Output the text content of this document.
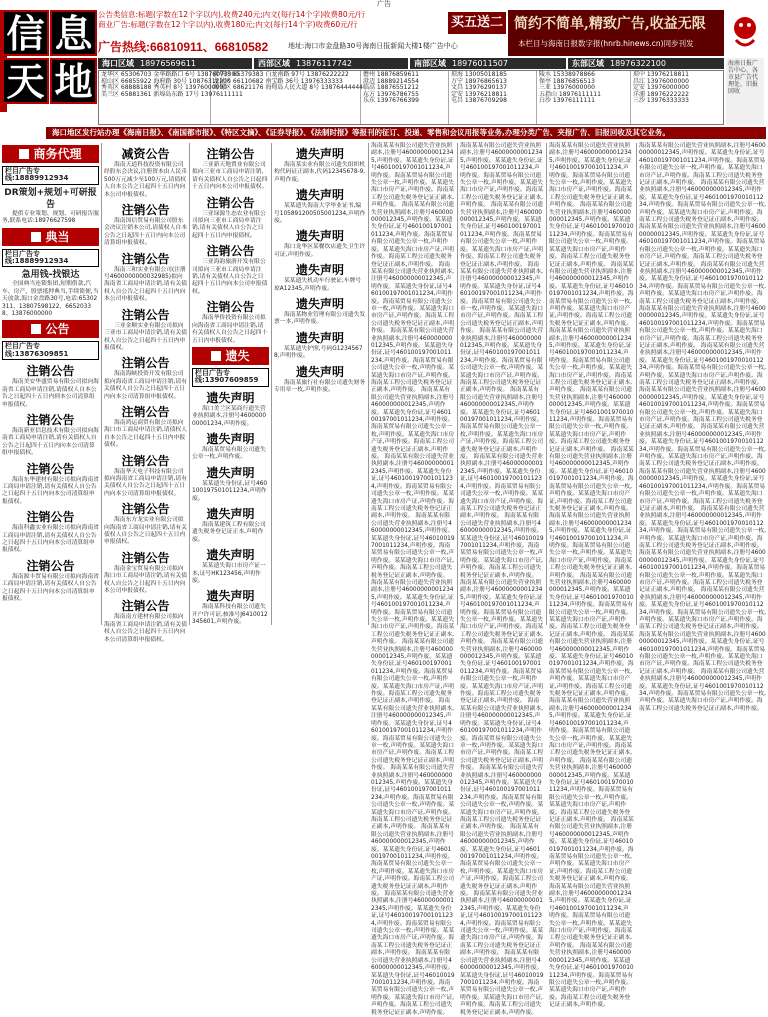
广告
信 息
天 地
公告类信息:标题(字数在12个字以内),收费240元;内文(每行14个字)收费80元/行
商业广告:标题(字数在12个字以内),收费180元;内文(每行14个字)收费60元/行
广告热线:66810911、66810582	地址:海口市金盘路30号海南日报新闻大楼1楼广告中心
买五送二 简约不简单,精致广告,收益无限
本栏目与海南日报数字报(hnrb.hinews.cn)同步刊发
海口区域 18976569611	西部区域 13876117742	南部区域 18976011507	东部区域 18976322100
龙华区 65306703 金华路路口 6号 13876073300
琼山区 66855922 海府路 30号 10876312200
秀英区 68888188 秀英村 8号 13976000000
美兰区 65881361 新埠岛东路 17号 13976111111
新华区 65379383 白龙南路 97号 13876222222
龙昆区 66110682 南宝路 36号 13976333333
海甸区 68621176 海甸岛人民大道 8号 13876444444
儋州 18876859611
澄迈 18889214554
临高 18876551212
东方 13976786755
乐东 13976766399
琼海 13005018185
万宁 18976865613
文昌 13976290137
定安 13976218811
屯昌 13876709298
陵水 15338978866
保亭 18876856513
三亚 13976000000
五指山 18976111111
白沙 13976111111
琼中 13976218811
昌江 13976000000
定安 13976000000
洋浦 18976222222
三沙 13976333333
海南日报广告中心、各市县广告代理处、旧报回收
海口地区发行站办理《海南日报》、《南国都市报》、《特区文摘》、《证券导报》、《法制时报》等报刊的征订、投递、零售和会议用报等业务,办理分类广告、夹报广告、旧报回收及其它业务。
商务代理
栏目广告专线:18889912934
DR策划+规划+可研报告
提供专业策划、规划、可研报告服务,联系电话:18976627598
典当
栏目广告专线:18889912934
急用钱-找银达
全国典当连锁集团,短期借款,汽车、房产、股票抵押典当,手续简便,当天放款,海口金盘路30号,电话:65302311、13807598122、66520338、13876000000
公告
栏目广告专线:13876309851
注销公告
海南美安华盛贸易有限公司拟向海南省工商局申请注销,请债权人自本公告之日起四十五日内到本公司清算组申报债权。
注销公告
海南新亚信息技术有限公司拟向海南省工商局申请注销,请有关债权人自公告之日起四十五日内向本公司清算组申报债权。
注销公告
海南东华建材有限公司拟向海南省工商局申请注销,请有关债权人自公告之日起四十五日内向本公司清算组申报债权。
注销公告
海南科鑫实业有限公司拟向海南省工商局申请注销,请有关债权人自公告之日起四十五日内向本公司清算组申报债权。
注销公告
海南源丰贸易有限公司拟向海南省工商局申请注销,请有关债权人自公告之日起四十五日内向本公司清算组申报债权。
减资公告
海南天道科技投资有限公司经股东会决议,注册资本由人民币500万元减少至100万元,请债权人自本公告之日起四十五日内向本公司申报债权。
注销公告
海南国信贸易有限公司股东会决议注销本公司,请债权人自本公告之日起四十五日内向本公司清算组申报债权。
注销公告
海南三和实业有限公司(注册号4600000000032985)拟向海南省工商局申请注销,请有关债权人自公告之日起四十五日内向本公司申报债权。
注销公告
三亚金顺实业有限公司拟向三亚市工商局申请注销,请有关债权人自公告之日起四十五日内申报债权。
注销公告
海南海峡投资开发有限公司拟向海南省工商局申请注销,请有关债权人自公告之日起四十五日内向本公司清算组申报债权。
注销公告
海南鸿运商贸有限公司拟向海口市工商局申请注销,请债权人自本公告之日起四十五日内申报债权。
注销公告
海南华天电子科技有限公司拟向海南省工商局申请注销,请有关债权人自公告之日起四十五日内向本公司清算组申报债权。
注销公告
海南东方龙实业有限公司拟向海南省工商局申请注销,请有关债权人自公告之日起四十五日内申报债权。
注销公告
海南金宝贸易有限公司拟向海口市工商局申请注销,请有关债权人自公告之日起四十五日内向本公司申报债权。
注销公告
海南南方建材有限公司拟向海南省工商局申请注销,请有关债权人自公告之日起四十五日内向本公司清算组申报债权。
注销公告
三亚新天地置业有限公司拟向三亚市工商局申请注销,请有关债权人自公告之日起四十五日内向本公司申报债权。
注销公告
三亚绿源生态农业有限公司拟向三亚市工商局申请注销,请有关债权人自公告之日起四十五日内申报债权。
注销公告
三亚海韵旅游开发有限公司拟向三亚市工商局申请注销,请有关债权人自公告之日起四十五日内向本公司申报债权。
注销公告
海南华侨投资有限公司拟向海南省工商局申请注销,请有关债权人自公告之日起四十五日内申报债权。
遗失
栏目广告专线:13907609859
遗失声明
海口美兰区某商行遗失营业执照副本,注册号460000000001234,声明作废。
遗失声明
海南某贸易有限公司遗失公章一枚,声明作废。
遗失声明
某某遗失身份证,证号460100197501011234,声明作废。
遗失声明
海南某建筑工程有限公司遗失税务登记证正本,声明作废。
遗失声明
某某遗失海口市房产证一本,证号HK123456,声明作废。
遗失声明
海南某科技有限公司遗失开户许可证,核准号J6410012345601,声明作废。
遗失声明
海南某实业有限公司遗失组织机构代码证正副本,代码12345678-9,声明作废。
遗失声明
某某遗失海南大学毕业证书,编号105891200505001234,声明作废。
遗失声明
海口龙华区某餐饮店遗失卫生许可证,声明作废。
遗失声明
某某遗失机动车行驶证,车牌号琼A12345,声明作废。
遗失声明
海南某物业管理有限公司遗失发票一本,声明作废。
遗失声明
某某遗失护照,号码G12345678,声明作废。
遗失声明
海南某旅行社有限公司遗失财务专用章一枚,声明作废。
海南某某有限公司遗失营业执照副本,注册号460000000012345,声明作废。某某遗失身份证,证号460100197001011234,声明作废。海南某贸易有限公司遗失公章一枚,声明作废。某某遗失海口市房产证,声明作废。海南某工程公司遗失税务登记证正副本,声明作废。 海南某某有限公司遗失营业执照副本,注册号460000000012345,声明作废。某某遗失身份证,证号460100197001011234,声明作废。海南某贸易有限公司遗失公章一枚,声明作废。某某遗失海口市房产证,声明作废。海南某工程公司遗失税务登记证正副本,声明作废。 海南某某有限公司遗失营业执照副本,注册号460000000012345,声明作废。某某遗失身份证,证号460100197001011234,声明作废。海南某贸易有限公司遗失公章一枚,声明作废。某某遗失海口市房产证,声明作废。海南某工程公司遗失税务登记证正副本,声明作废。 海南某某有限公司遗失营业执照副本,注册号460000000012345,声明作废。某某遗失身份证,证号460100197001011234,声明作废。海南某贸易有限公司遗失公章一枚,声明作废。某某遗失海口市房产证,声明作废。海南某工程公司遗失税务登记证正副本,声明作废。 海南某某有限公司遗失营业执照副本,注册号460000000012345,声明作废。某某遗失身份证,证号460100197001011234,声明作废。海南某贸易有限公司遗失公章一枚,声明作废。某某遗失海口市房产证,声明作废。海南某工程公司遗失税务登记证正副本,声明作废。 海南某某有限公司遗失营业执照副本,注册号460000000012345,声明作废。某某遗失身份证,证号460100197001011234,声明作废。海南某贸易有限公司遗失公章一枚,声明作废。某某遗失海口市房产证,声明作废。海南某工程公司遗失税务登记证正副本,声明作废。 海南某某有限公司遗失营业执照副本,注册号460000000012345,声明作废。某某遗失身份证,证号460100197001011234,声明作废。海南某贸易有限公司遗失公章一枚,声明作废。某某遗失海口市房产证,声明作废。海南某工程公司遗失税务登记证正副本,声明作废。 海南某某有限公司遗失营业执照副本,注册号460000000012345,声明作废。某某遗失身份证,证号460100197001011234,声明作废。海南某贸易有限公司遗失公章一枚,声明作废。某某遗失海口市房产证,声明作废。海南某工程公司遗失税务登记证正副本,声明作废。 海南某某有限公司遗失营业执照副本,注册号460000000012345,声明作废。某某遗失身份证,证号460100197001011234,声明作废。海南某贸易有限公司遗失公章一枚,声明作废。某某遗失海口市房产证,声明作废。海南某工程公司遗失税务登记证正副本,声明作废。 海南某某有限公司遗失营业执照副本,注册号460000000012345,声明作废。某某遗失身份证,证号460100197001011234,声明作废。海南某贸易有限公司遗失公章一枚,声明作废。某某遗失海口市房产证,声明作废。海南某工程公司遗失税务登记证正副本,声明作废。 海南某某有限公司遗失营业执照副本,注册号460000000012345,声明作废。某某遗失身份证,证号460100197001011234,声明作废。海南某贸易有限公司遗失公章一枚,声明作废。某某遗失海口市房产证,声明作废。海南某工程公司遗失税务登记证正副本,声明作废。 海南某某有限公司遗失营业执照副本,注册号460000000012345,声明作废。某某遗失身份证,证号460100197001011234,声明作废。海南某贸易有限公司遗失公章一枚,声明作废。某某遗失海口市房产证,声明作废。海南某工程公司遗失税务登记证正副本,声明作废。 海南某某有限公司遗失营业执照副本,注册号460000000012345,声明作废。某某遗失身份证,证号460100197001011234,声明作废。海南某贸易有限公司遗失公章一枚,声明作废。某某遗失海口市房产证,声明作废。海南某工程公司遗失税务登记证正副本,声明作废。 海南某某有限公司遗失营业执照副本,注册号460000000012345,声明作废。某某遗失身份证,证号460100197001011234,声明作废。海南某贸易有限公司遗失公章一枚,声明作废。某某遗失海口市房产证,声明作废。海南某工程公司遗失税务登记证正副本,声明作废。
海南某某有限公司遗失营业执照副本,注册号460000000012345,声明作废。某某遗失身份证,证号460100197001011234,声明作废。海南某贸易有限公司遗失公章一枚,声明作废。某某遗失海口市房产证,声明作废。海南某工程公司遗失税务登记证正副本,声明作废。 海南某某有限公司遗失营业执照副本,注册号460000000012345,声明作废。某某遗失身份证,证号460100197001011234,声明作废。海南某贸易有限公司遗失公章一枚,声明作废。某某遗失海口市房产证,声明作废。海南某工程公司遗失税务登记证正副本,声明作废。 海南某某有限公司遗失营业执照副本,注册号460000000012345,声明作废。某某遗失身份证,证号460100197001011234,声明作废。海南某贸易有限公司遗失公章一枚,声明作废。某某遗失海口市房产证,声明作废。海南某工程公司遗失税务登记证正副本,声明作废。 海南某某有限公司遗失营业执照副本,注册号460000000012345,声明作废。某某遗失身份证,证号460100197001011234,声明作废。海南某贸易有限公司遗失公章一枚,声明作废。某某遗失海口市房产证,声明作废。海南某工程公司遗失税务登记证正副本,声明作废。 海南某某有限公司遗失营业执照副本,注册号460000000012345,声明作废。某某遗失身份证,证号460100197001011234,声明作废。海南某贸易有限公司遗失公章一枚,声明作废。某某遗失海口市房产证,声明作废。海南某工程公司遗失税务登记证正副本,声明作废。 海南某某有限公司遗失营业执照副本,注册号460000000012345,声明作废。某某遗失身份证,证号460100197001011234,声明作废。海南某贸易有限公司遗失公章一枚,声明作废。某某遗失海口市房产证,声明作废。海南某工程公司遗失税务登记证正副本,声明作废。 海南某某有限公司遗失营业执照副本,注册号460000000012345,声明作废。某某遗失身份证,证号460100197001011234,声明作废。海南某贸易有限公司遗失公章一枚,声明作废。某某遗失海口市房产证,声明作废。海南某工程公司遗失税务登记证正副本,声明作废。 海南某某有限公司遗失营业执照副本,注册号460000000012345,声明作废。某某遗失身份证,证号460100197001011234,声明作废。海南某贸易有限公司遗失公章一枚,声明作废。某某遗失海口市房产证,声明作废。海南某工程公司遗失税务登记证正副本,声明作废。 海南某某有限公司遗失营业执照副本,注册号460000000012345,声明作废。某某遗失身份证,证号460100197001011234,声明作废。海南某贸易有限公司遗失公章一枚,声明作废。某某遗失海口市房产证,声明作废。海南某工程公司遗失税务登记证正副本,声明作废。 海南某某有限公司遗失营业执照副本,注册号460000000012345,声明作废。某某遗失身份证,证号460100197001011234,声明作废。海南某贸易有限公司遗失公章一枚,声明作废。某某遗失海口市房产证,声明作废。海南某工程公司遗失税务登记证正副本,声明作废。 海南某某有限公司遗失营业执照副本,注册号460000000012345,声明作废。某某遗失身份证,证号460100197001011234,声明作废。海南某贸易有限公司遗失公章一枚,声明作废。某某遗失海口市房产证,声明作废。海南某工程公司遗失税务登记证正副本,声明作废。 海南某某有限公司遗失营业执照副本,注册号460000000012345,声明作废。某某遗失身份证,证号460100197001011234,声明作废。海南某贸易有限公司遗失公章一枚,声明作废。某某遗失海口市房产证,声明作废。海南某工程公司遗失税务登记证正副本,声明作废。 海南某某有限公司遗失营业执照副本,注册号460000000012345,声明作废。某某遗失身份证,证号460100197001011234,声明作废。海南某贸易有限公司遗失公章一枚,声明作废。某某遗失海口市房产证,声明作废。海南某工程公司遗失税务登记证正副本,声明作废。 海南某某有限公司遗失营业执照副本,注册号460000000012345,声明作废。某某遗失身份证,证号460100197001011234,声明作废。海南某贸易有限公司遗失公章一枚,声明作废。某某遗失海口市房产证,声明作废。海南某工程公司遗失税务登记证正副本,声明作废。
海南某某有限公司遗失营业执照副本,注册号460000000012345,声明作废。某某遗失身份证,证号460100197001011234,声明作废。海南某贸易有限公司遗失公章一枚,声明作废。某某遗失海口市房产证,声明作废。海南某工程公司遗失税务登记证正副本,声明作废。 海南某某有限公司遗失营业执照副本,注册号460000000012345,声明作废。某某遗失身份证,证号460100197001011234,声明作废。海南某贸易有限公司遗失公章一枚,声明作废。某某遗失海口市房产证,声明作废。海南某工程公司遗失税务登记证正副本,声明作废。 海南某某有限公司遗失营业执照副本,注册号460000000012345,声明作废。某某遗失身份证,证号460100197001011234,声明作废。海南某贸易有限公司遗失公章一枚,声明作废。某某遗失海口市房产证,声明作废。海南某工程公司遗失税务登记证正副本,声明作废。 海南某某有限公司遗失营业执照副本,注册号460000000012345,声明作废。某某遗失身份证,证号460100197001011234,声明作废。海南某贸易有限公司遗失公章一枚,声明作废。某某遗失海口市房产证,声明作废。海南某工程公司遗失税务登记证正副本,声明作废。 海南某某有限公司遗失营业执照副本,注册号460000000012345,声明作废。某某遗失身份证,证号460100197001011234,声明作废。海南某贸易有限公司遗失公章一枚,声明作废。某某遗失海口市房产证,声明作废。海南某工程公司遗失税务登记证正副本,声明作废。 海南某某有限公司遗失营业执照副本,注册号460000000012345,声明作废。某某遗失身份证,证号460100197001011234,声明作废。海南某贸易有限公司遗失公章一枚,声明作废。某某遗失海口市房产证,声明作废。海南某工程公司遗失税务登记证正副本,声明作废。 海南某某有限公司遗失营业执照副本,注册号460000000012345,声明作废。某某遗失身份证,证号460100197001011234,声明作废。海南某贸易有限公司遗失公章一枚,声明作废。某某遗失海口市房产证,声明作废。海南某工程公司遗失税务登记证正副本,声明作废。 海南某某有限公司遗失营业执照副本,注册号460000000012345,声明作废。某某遗失身份证,证号460100197001011234,声明作废。海南某贸易有限公司遗失公章一枚,声明作废。某某遗失海口市房产证,声明作废。海南某工程公司遗失税务登记证正副本,声明作废。 海南某某有限公司遗失营业执照副本,注册号460000000012345,声明作废。某某遗失身份证,证号460100197001011234,声明作废。海南某贸易有限公司遗失公章一枚,声明作废。某某遗失海口市房产证,声明作废。海南某工程公司遗失税务登记证正副本,声明作废。 海南某某有限公司遗失营业执照副本,注册号460000000012345,声明作废。某某遗失身份证,证号460100197001011234,声明作废。海南某贸易有限公司遗失公章一枚,声明作废。某某遗失海口市房产证,声明作废。海南某工程公司遗失税务登记证正副本,声明作废。 海南某某有限公司遗失营业执照副本,注册号460000000012345,声明作废。某某遗失身份证,证号460100197001011234,声明作废。海南某贸易有限公司遗失公章一枚,声明作废。某某遗失海口市房产证,声明作废。海南某工程公司遗失税务登记证正副本,声明作废。 海南某某有限公司遗失营业执照副本,注册号460000000012345,声明作废。某某遗失身份证,证号460100197001011234,声明作废。海南某贸易有限公司遗失公章一枚,声明作废。某某遗失海口市房产证,声明作废。海南某工程公司遗失税务登记证正副本,声明作废。 海南某某有限公司遗失营业执照副本,注册号460000000012345,声明作废。某某遗失身份证,证号460100197001011234,声明作废。海南某贸易有限公司遗失公章一枚,声明作废。某某遗失海口市房产证,声明作废。海南某工程公司遗失税务登记证正副本,声明作废。 海南某某有限公司遗失营业执照副本,注册号460000000012345,声明作废。某某遗失身份证,证号460100197001011234,声明作废。海南某贸易有限公司遗失公章一枚,声明作废。某某遗失海口市房产证,声明作废。海南某工程公司遗失税务登记证正副本,声明作废。
海南某某有限公司遗失营业执照副本,注册号460000000012345,声明作废。某某遗失身份证,证号460100197001011234,声明作废。海南某贸易有限公司遗失公章一枚,声明作废。某某遗失海口市房产证,声明作废。海南某工程公司遗失税务登记证正副本,声明作废。 海南某某有限公司遗失营业执照副本,注册号460000000012345,声明作废。某某遗失身份证,证号460100197001011234,声明作废。海南某贸易有限公司遗失公章一枚,声明作废。某某遗失海口市房产证,声明作废。海南某工程公司遗失税务登记证正副本,声明作废。 海南某某有限公司遗失营业执照副本,注册号460000000012345,声明作废。某某遗失身份证,证号460100197001011234,声明作废。海南某贸易有限公司遗失公章一枚,声明作废。某某遗失海口市房产证,声明作废。海南某工程公司遗失税务登记证正副本,声明作废。 海南某某有限公司遗失营业执照副本,注册号460000000012345,声明作废。某某遗失身份证,证号460100197001011234,声明作废。海南某贸易有限公司遗失公章一枚,声明作废。某某遗失海口市房产证,声明作废。海南某工程公司遗失税务登记证正副本,声明作废。 海南某某有限公司遗失营业执照副本,注册号460000000012345,声明作废。某某遗失身份证,证号460100197001011234,声明作废。海南某贸易有限公司遗失公章一枚,声明作废。某某遗失海口市房产证,声明作废。海南某工程公司遗失税务登记证正副本,声明作废。 海南某某有限公司遗失营业执照副本,注册号460000000012345,声明作废。某某遗失身份证,证号460100197001011234,声明作废。海南某贸易有限公司遗失公章一枚,声明作废。某某遗失海口市房产证,声明作废。海南某工程公司遗失税务登记证正副本,声明作废。 海南某某有限公司遗失营业执照副本,注册号460000000012345,声明作废。某某遗失身份证,证号460100197001011234,声明作废。海南某贸易有限公司遗失公章一枚,声明作废。某某遗失海口市房产证,声明作废。海南某工程公司遗失税务登记证正副本,声明作废。 海南某某有限公司遗失营业执照副本,注册号460000000012345,声明作废。某某遗失身份证,证号460100197001011234,声明作废。海南某贸易有限公司遗失公章一枚,声明作废。某某遗失海口市房产证,声明作废。海南某工程公司遗失税务登记证正副本,声明作废。 海南某某有限公司遗失营业执照副本,注册号460000000012345,声明作废。某某遗失身份证,证号460100197001011234,声明作废。海南某贸易有限公司遗失公章一枚,声明作废。某某遗失海口市房产证,声明作废。海南某工程公司遗失税务登记证正副本,声明作废。 海南某某有限公司遗失营业执照副本,注册号460000000012345,声明作废。某某遗失身份证,证号460100197001011234,声明作废。海南某贸易有限公司遗失公章一枚,声明作废。某某遗失海口市房产证,声明作废。海南某工程公司遗失税务登记证正副本,声明作废。 海南某某有限公司遗失营业执照副本,注册号460000000012345,声明作废。某某遗失身份证,证号460100197001011234,声明作废。海南某贸易有限公司遗失公章一枚,声明作废。某某遗失海口市房产证,声明作废。海南某工程公司遗失税务登记证正副本,声明作废。 海南某某有限公司遗失营业执照副本,注册号460000000012345,声明作废。某某遗失身份证,证号460100197001011234,声明作废。海南某贸易有限公司遗失公章一枚,声明作废。某某遗失海口市房产证,声明作废。海南某工程公司遗失税务登记证正副本,声明作废。 海南某某有限公司遗失营业执照副本,注册号460000000012345,声明作废。某某遗失身份证,证号460100197001011234,声明作废。海南某贸易有限公司遗失公章一枚,声明作废。某某遗失海口市房产证,声明作废。海南某工程公司遗失税务登记证正副本,声明作废。 海南某某有限公司遗失营业执照副本,注册号460000000012345,声明作废。某某遗失身份证,证号460100197001011234,声明作废。海南某贸易有限公司遗失公章一枚,声明作废。某某遗失海口市房产证,声明作废。海南某工程公司遗失税务登记证正副本,声明作废。
